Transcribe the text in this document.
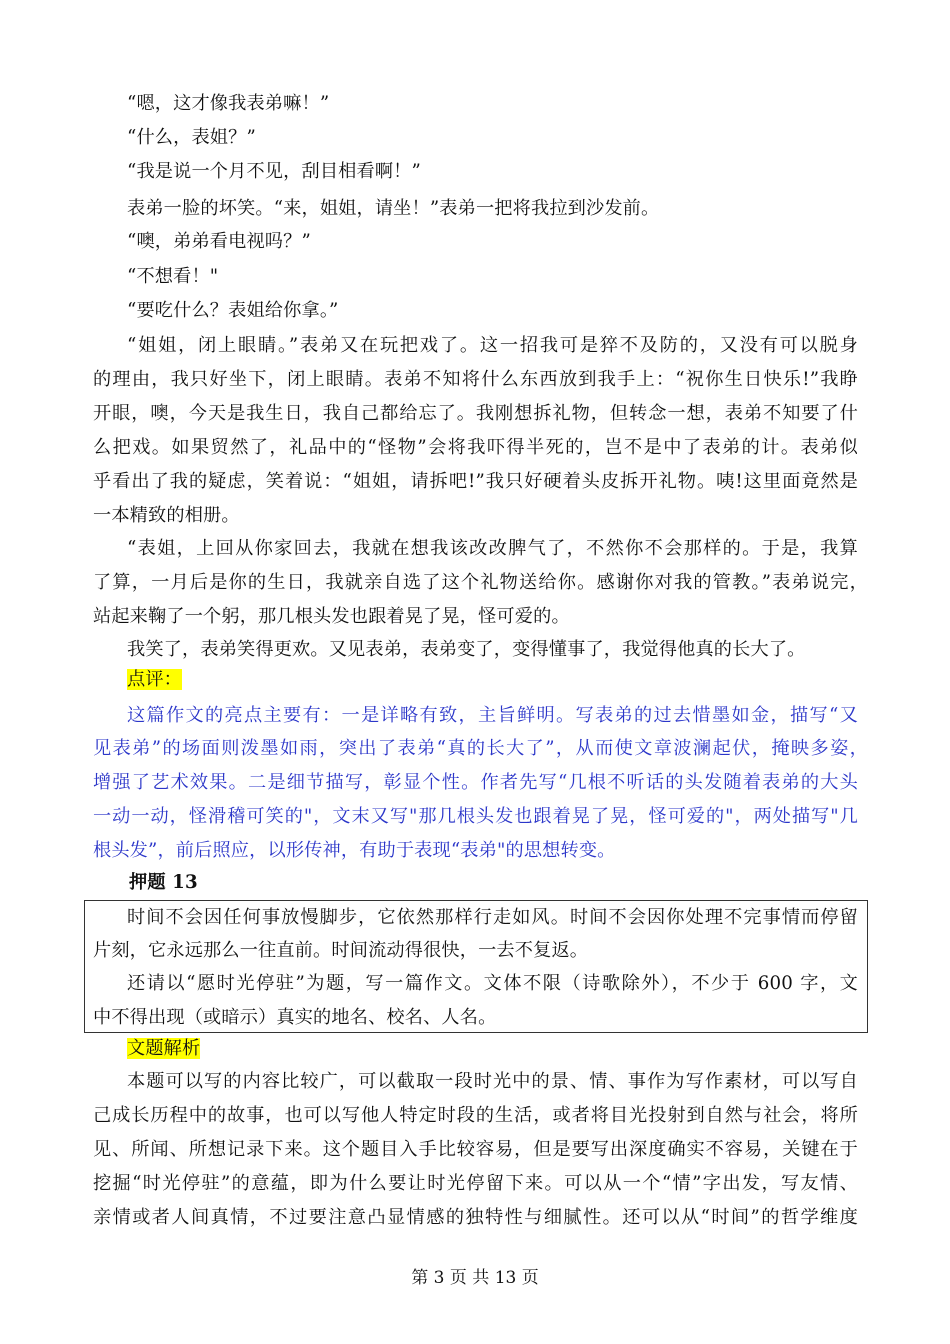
“嗯，这才像我表弟嘛！”
“什么，表姐？”
“我是说一个月不见，刮目相看啊！”
表弟一脸的坏笑。“来，姐姐，请坐！”表弟一把将我拉到沙发前。
“噢，弟弟看电视吗？”
“不想看！"
“要吃什么？表姐给你拿。”
“姐姐，闭上眼睛。”表弟又在玩把戏了。这一招我可是猝不及防的，又没有可以脱身
的理由，我只好坐下，闭上眼睛。表弟不知将什么东西放到我手上：“祝你生日快乐!”我睁
开眼，噢，今天是我生日，我自己都给忘了。我刚想拆礼物，但转念一想，表弟不知要了什
么把戏。如果贸然了，礼品中的“怪物”会将我吓得半死的，岂不是中了表弟的计。表弟似
乎看出了我的疑虑，笑着说：“姐姐，请拆吧!”我只好硬着头皮拆开礼物。咦!这里面竟然是
一本精致的相册。
“表姐，上回从你家回去，我就在想我该改改脾气了，不然你不会那样的。于是，我算
了算，一月后是你的生日，我就亲自选了这个礼物送给你。感谢你对我的管教。”表弟说完，
站起来鞠了一个躬，那几根头发也跟着晃了晃，怪可爱的。
我笑了，表弟笑得更欢。又见表弟，表弟变了，变得懂事了，我觉得他真的长大了。
点评：
这篇作文的亮点主要有：一是详略有致，主旨鲜明。写表弟的过去惜墨如金，描写“又
见表弟”的场面则泼墨如雨，突出了表弟“真的长大了”，从而使文章波澜起伏，掩映多姿，
增强了艺术效果。二是细节描写，彰显个性。作者先写“几根不听话的头发随着表弟的大头
一动一动，怪滑稽可笑的"，文末又写"那几根头发也跟着晃了晃，怪可爱的"，两处描写"几
根头发”，前后照应，以形传神，有助于表现“表弟"的思想转变。
押题 13
时间不会因任何事放慢脚步，它依然那样行走如风。时间不会因你处理不完事情而停留
片刻，它永远那么一往直前。时间流动得很快，一去不复返。
还请以“愿时光停驻”为题，写一篇作文。文体不限（诗歌除外），不少于 600 字，文
中不得出现（或暗示）真实的地名、校名、人名。
文题解析
本题可以写的内容比较广，可以截取一段时光中的景、情、事作为写作素材，可以写自
己成长历程中的故事，也可以写他人特定时段的生活，或者将目光投射到自然与社会，将所
见、所闻、所想记录下来。这个题目入手比较容易，但是要写出深度确实不容易，关键在于
挖掘“时光停驻”的意蕴，即为什么要让时光停留下来。可以从一个“情”字出发，写友情、
亲情或者人间真情，不过要注意凸显情感的独特性与细腻性。还可以从“时间”的哲学维度
第 3 页 共 13 页
